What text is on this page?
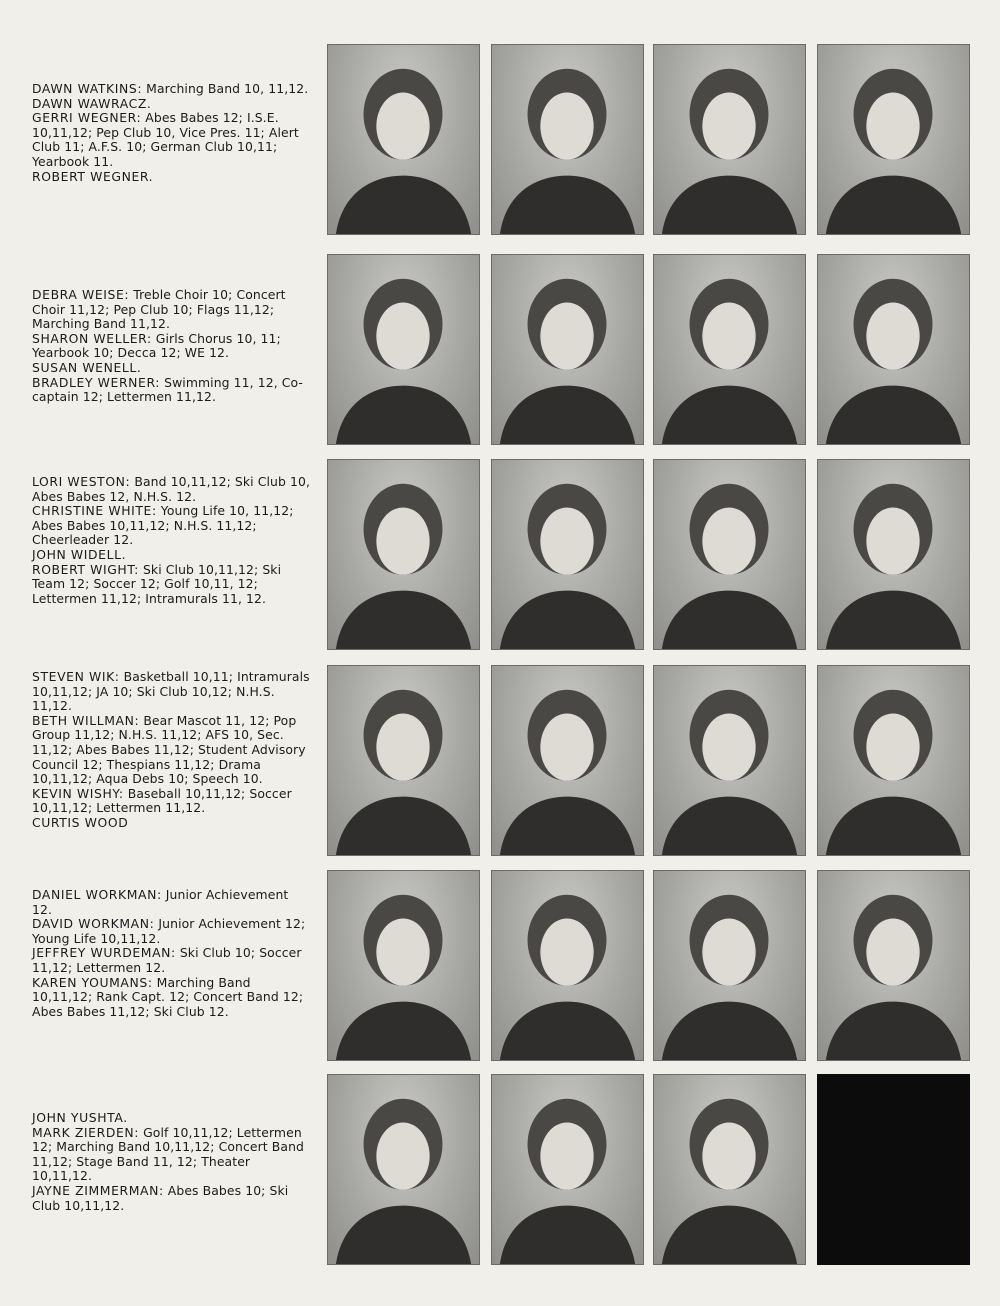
DAWN WATKINS: Marching Band 10, 11,12.
DAWN WAWRACZ.
GERRI WEGNER: Abes Babes 12; I.S.E. 10,11,12; Pep Club 10, Vice Pres. 11; Alert Club 11; A.F.S. 10; German Club 10,11; Yearbook 11.
ROBERT WEGNER.
DEBRA WEISE: Treble Choir 10; Concert Choir 11,12; Pep Club 10; Flags 11,12; Marching Band 11,12.
SHARON WELLER: Girls Chorus 10, 11; Yearbook 10; Decca 12; WE 12.
SUSAN WENELL.
BRADLEY WERNER: Swimming 11, 12, Co-captain 12; Lettermen 11,12.
LORI WESTON: Band 10,11,12; Ski Club 10, Abes Babes 12, N.H.S. 12.
CHRISTINE WHITE: Young Life 10, 11,12; Abes Babes 10,11,12; N.H.S. 11,12; Cheerleader 12.
JOHN WIDELL.
ROBERT WIGHT: Ski Club 10,11,12; Ski Team 12; Soccer 12; Golf 10,11, 12; Lettermen 11,12; Intramurals 11, 12.
STEVEN WIK: Basketball 10,11; Intramurals 10,11,12; JA 10; Ski Club 10,12; N.H.S. 11,12.
BETH WILLMAN: Bear Mascot 11, 12; Pop Group 11,12; N.H.S. 11,12; AFS 10, Sec. 11,12; Abes Babes 11,12; Student Advisory Council 12; Thespians 11,12; Drama 10,11,12; Aqua Debs 10; Speech 10.
KEVIN WISHY: Baseball 10,11,12; Soccer 10,11,12; Lettermen 11,12.
CURTIS WOOD
DANIEL WORKMAN: Junior Achievement 12.
DAVID WORKMAN: Junior Achievement 12; Young Life 10,11,12.
JEFFREY WURDEMAN: Ski Club 10; Soccer 11,12; Lettermen 12.
KAREN YOUMANS: Marching Band 10,11,12; Rank Capt. 12; Concert Band 12; Abes Babes 11,12; Ski Club 12.
JOHN YUSHTA.
MARK ZIERDEN: Golf 10,11,12; Lettermen 12; Marching Band 10,11,12; Concert Band 11,12; Stage Band 11, 12; Theater 10,11,12.
JAYNE ZIMMERMAN: Abes Babes 10; Ski Club 10,11,12.
